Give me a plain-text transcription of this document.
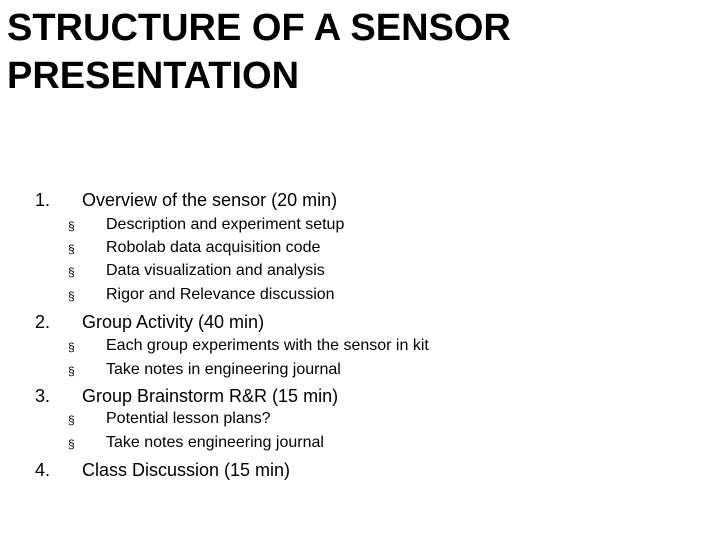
STRUCTURE OF A SENSOR
PRESENTATION
1. Overview of the sensor (20 min)
§ Description and experiment setup
§ Robolab data acquisition code
§ Data visualization and analysis
§ Rigor and Relevance discussion
2. Group Activity (40 min)
§ Each group experiments with the sensor in kit
§ Take notes in engineering journal
3. Group Brainstorm R&R (15 min)
§ Potential lesson plans?
§ Take notes engineering journal
4. Class Discussion (15 min)
